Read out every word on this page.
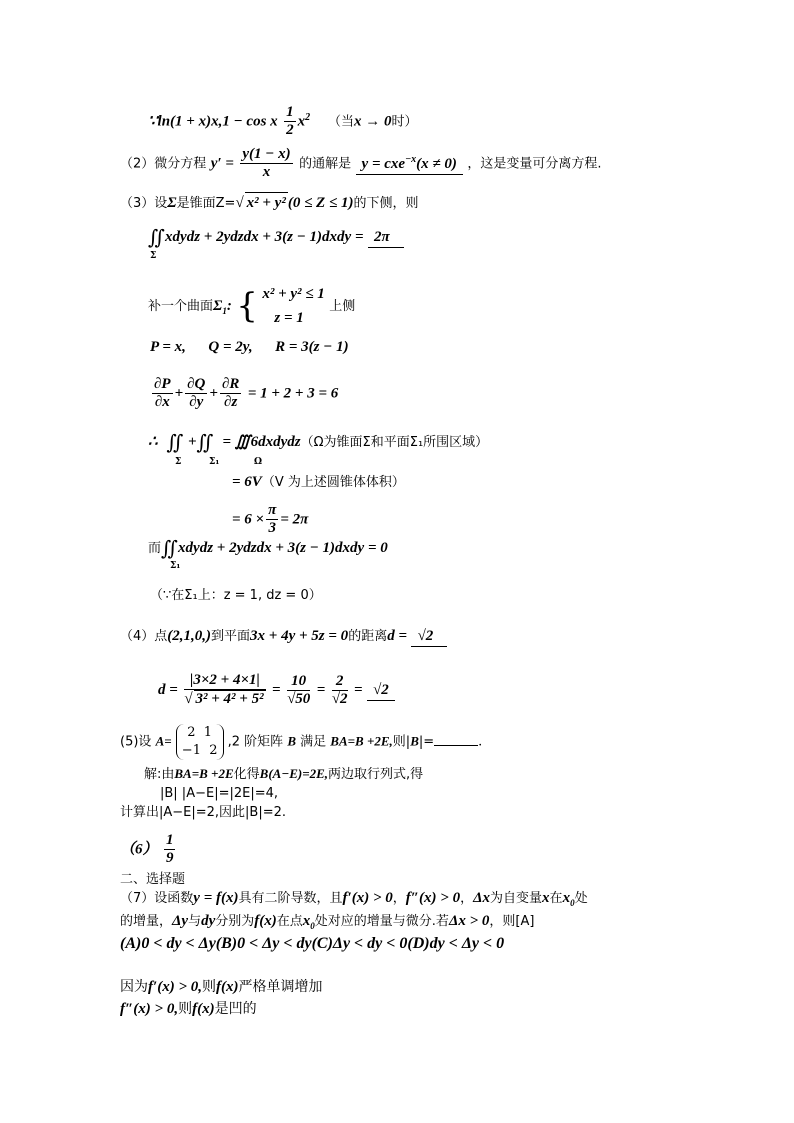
∵ln(1 + x)x,1 − cos x $\frac{1}{2} x^2$ （当x → 0时）
（2）微分方程 $y' = \frac{y(1 - x)}{x}$ 的通解是 y = cxe$^{-x}$(x ≠ 0) ，这是变量可分离方程.
（3）设Σ是锥面Z=√ x² + y² (0 ≤ Z ≤ 1)的下侧，则
∬xdydz + 2ydzdx + 3(z − 1)dxdy = 2π
Σ
补一个曲面$\Sigma_1$: { x² + y² ≤ 1
z = 1
上侧
P = x,      Q = 2y,      R = 3(z − 1)
$\frac{\partial P}{\partial x} + \frac{\partial Q}{\partial y} + \frac{\partial R}{\partial z} = 1 + 2 + 3 = 6$
∴ ∬ +∬ = ∭6dxdydz（Ω为锥面Σ和平面Σ₁所围区域）
Σ	Σ₁	Ω
= 6V（V 为上述圆锥体体积）
= $6 \times \frac{\pi}{3} = 2\pi$
而∬xdydz + 2ydzdx + 3(z − 1)dxdy = 0
Σ₁
（∵在Σ₁上：z = 1, dz = 0）
（4）点(2,1,0,)到平面3x + 4y + 5z = 0的距离d = √2
$d = \frac{|3\times 2 + 4\times 1|}{\text{√ 3² + 4² + 5²}} = \frac{10}{√50} = \frac{2}{√2} = √2$
(5)设 A=
2  1
−1  2
,2 阶矩阵 B 满足 BA=B +2E,则|B|=	.
解:由BA=B +2E化得B(A−E)=2E,两边取行列式,得
|B| |A−E|=|2E|=4,
计算出|A−E|=2,因此|B|=2.
$(6) \frac{1}{9}$
二、选择题
（7）设函数y = f(x)具有二阶导数，且f′(x) > 0，f″(x) > 0，Δx为自变量x在$x_0$处
的增量，Δy与dy分别为f(x)在点$x_0$处对应的增量与微分.若Δx > 0，则[A]
(A)0 < dy < Δy(B)0 < Δy < dy(C)Δy < dy < 0(D)dy < Δy < 0
因为f′(x) > 0,则f(x)严格单调增加
f″(x) > 0,则f(x)是凹的
